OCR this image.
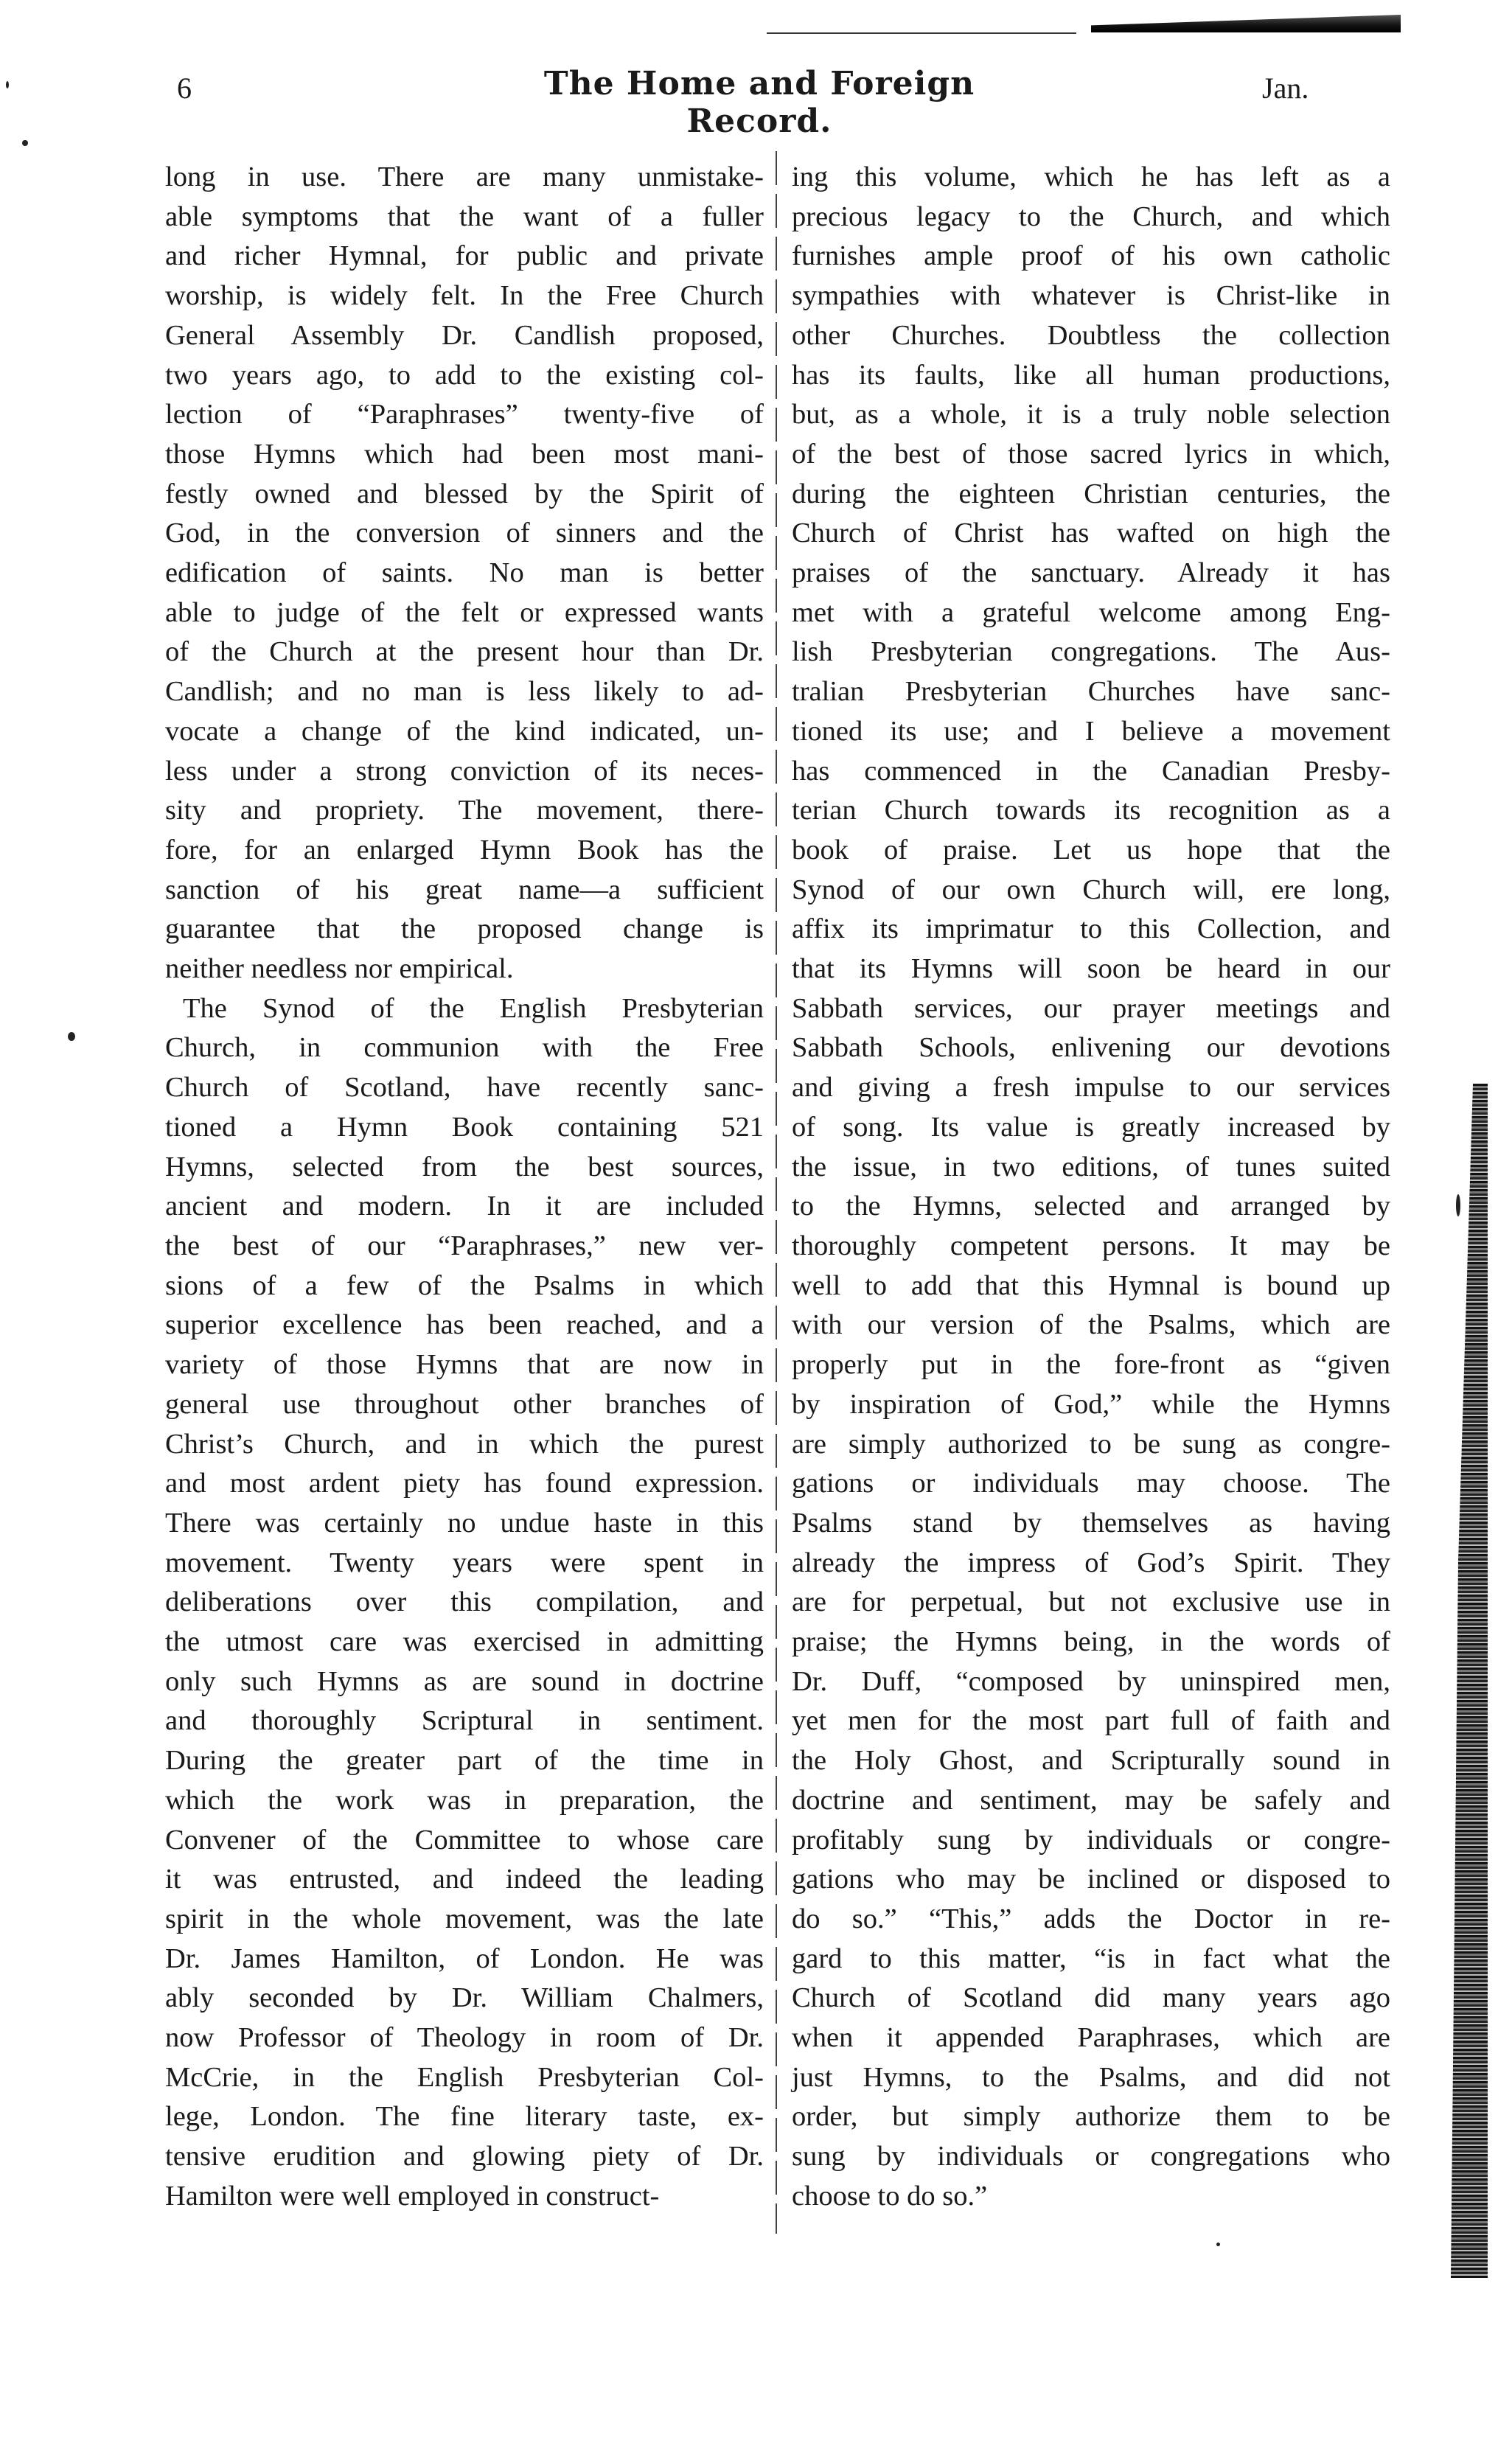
6	The Home and Foreign Record.
Jan.
long in use. There are many unmistake-
able symptoms that the want of a fuller
and richer Hymnal, for public and private
worship, is widely felt. In the Free Church
General Assembly Dr. Candlish proposed,
two years ago, to add to the existing col-
lection of “Paraphrases” twenty-five of
those Hymns which had been most mani-
festly owned and blessed by the Spirit of
God, in the conversion of sinners and the
edification of saints. No man is better
able to judge of the felt or expressed wants
of the Church at the present hour than Dr.
Candlish; and no man is less likely to ad-
vocate a change of the kind indicated, un-
less under a strong conviction of its neces-
sity and propriety. The movement, there-
fore, for an enlarged Hymn Book has the
sanction of his great name—a sufficient
guarantee that the proposed change is
neither needless nor empirical.
The Synod of the English Presbyterian
Church, in communion with the Free
Church of Scotland, have recently sanc-
tioned a Hymn Book containing 521
Hymns, selected from the best sources,
ancient and modern. In it are included
the best of our “Paraphrases,” new ver-
sions of a few of the Psalms in which
superior excellence has been reached, and a
variety of those Hymns that are now in
general use throughout other branches of
Christ’s Church, and in which the purest
and most ardent piety has found expression.
There was certainly no undue haste in this
movement. Twenty years were spent in
deliberations over this compilation, and
the utmost care was exercised in admitting
only such Hymns as are sound in doctrine
and thoroughly Scriptural in sentiment.
During the greater part of the time in
which the work was in preparation, the
Convener of the Committee to whose care
it was entrusted, and indeed the leading
spirit in the whole movement, was the late
Dr. James Hamilton, of London. He was
ably seconded by Dr. William Chalmers,
now Professor of Theology in room of Dr.
McCrie, in the English Presbyterian Col-
lege, London. The fine literary taste, ex-
tensive erudition and glowing piety of Dr.
Hamilton were well employed in construct-
ing this volume, which he has left as a
precious legacy to the Church, and which
furnishes ample proof of his own catholic
sympathies with whatever is Christ-like in
other Churches. Doubtless the collection
has its faults, like all human productions,
but, as a whole, it is a truly noble selection
of the best of those sacred lyrics in which,
during the eighteen Christian centuries, the
Church of Christ has wafted on high the
praises of the sanctuary. Already it has
met with a grateful welcome among Eng-
lish Presbyterian congregations. The Aus-
tralian Presbyterian Churches have sanc-
tioned its use; and I believe a movement
has commenced in the Canadian Presby-
terian Church towards its recognition as a
book of praise. Let us hope that the
Synod of our own Church will, ere long,
affix its imprimatur to this Collection, and
that its Hymns will soon be heard in our
Sabbath services, our prayer meetings and
Sabbath Schools, enlivening our devotions
and giving a fresh impulse to our services
of song. Its value is greatly increased by
the issue, in two editions, of tunes suited
to the Hymns, selected and arranged by
thoroughly competent persons. It may be
well to add that this Hymnal is bound up
with our version of the Psalms, which are
properly put in the fore-front as “given
by inspiration of God,” while the Hymns
are simply authorized to be sung as congre-
gations or individuals may choose. The
Psalms stand by themselves as having
already the impress of God’s Spirit. They
are for perpetual, but not exclusive use in
praise; the Hymns being, in the words of
Dr. Duff, “composed by uninspired men,
yet men for the most part full of faith and
the Holy Ghost, and Scripturally sound in
doctrine and sentiment, may be safely and
profitably sung by individuals or congre-
gations who may be inclined or disposed to
do so.” “This,” adds the Doctor in re-
gard to this matter, “is in fact what the
Church of Scotland did many years ago
when it appended Paraphrases, which are
just Hymns, to the Psalms, and did not
order, but simply authorize them to be
sung by individuals or congregations who
choose to do so.”
